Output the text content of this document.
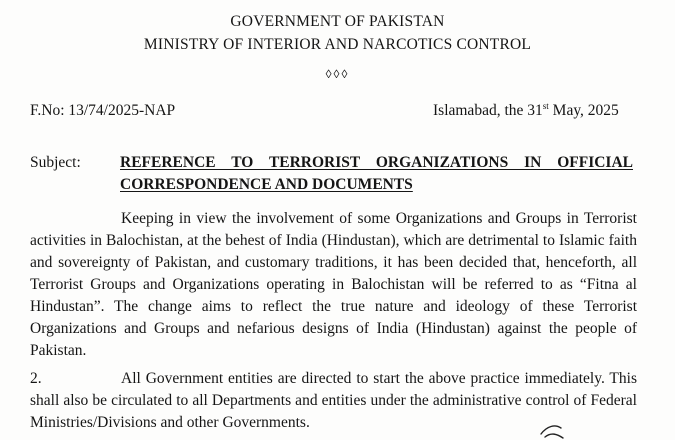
GOVERNMENT OF PAKISTAN
MINISTRY OF INTERIOR AND NARCOTICS CONTROL
◊◊◊
F.No: 13/74/2025-NAP	Islamabad, the 31st May, 2025
Subject:	REFERENCE TO TERRORIST ORGANIZATIONS IN OFFICIAL
CORRESPONDENCE AND DOCUMENTS
Keeping in view the involvement of some Organizations and Groups in Terrorist
activities in Balochistan, at the behest of India (Hindustan), which are detrimental to Islamic faith
and sovereignty of Pakistan, and customary traditions, it has been decided that, henceforth, all
Terrorist Groups and Organizations operating in Balochistan will be referred to as “Fitna al
Hindustan”. The change aims to reflect the true nature and ideology of these Terrorist
Organizations and Groups and nefarious designs of India (Hindustan) against the people of
Pakistan.
2.	All Government entities are directed to start the above practice immediately. This
shall also be circulated to all Departments and entities under the administrative control of Federal
Ministries/Divisions and other Governments.
